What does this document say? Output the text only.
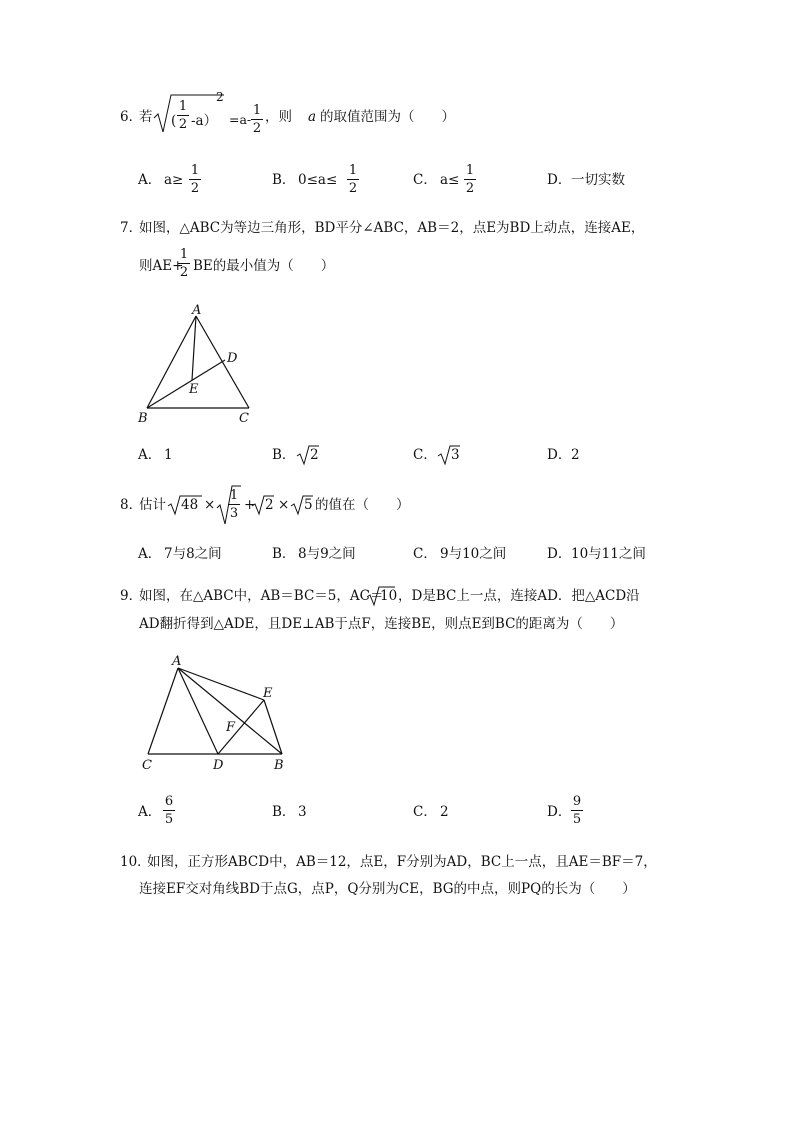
6．
若 (
1
2 -a）
2
=a-
1
2
，则 a 的取值范围为（　　）
A． a≥
1
2
B． 0≤a≤
1
2
C． a≤
1
2
D． 一切实数
7．
如图，△ABC为等边三角形，BD平分∠ABC，AB＝2，点E为BD上动点，连接AE，
则AE+
1
2 BE的最小值为（　　）
A
B	C
D
E
A． 1	B． 2	C． 3	D． 2
8．
估计 48 ×
1
3
+ 2 × 5 的值在（　　）
A． 7与8之间	B． 8与9之间	C． 9与10之间	D． 10与11之间
9．
如图，在△ABC中，AB＝BC＝5，AC＝
10 ，D是BC上一点，连接AD．把△ACD沿
AD翻折得到△ADE，且DE⊥AB于点F，连接BE，则点E到BC的距离为（　　）
A
C	D	B
E
F
A．
6
5	B． 3	C． 2	D．
9
5
10．
如图，正方形ABCD中，AB＝12，点E，F分别为AD，BC上一点，且AE＝BF＝7，
连接EF交对角线BD于点G，点P，Q分别为CE，BG的中点，则PQ的长为（　　）
